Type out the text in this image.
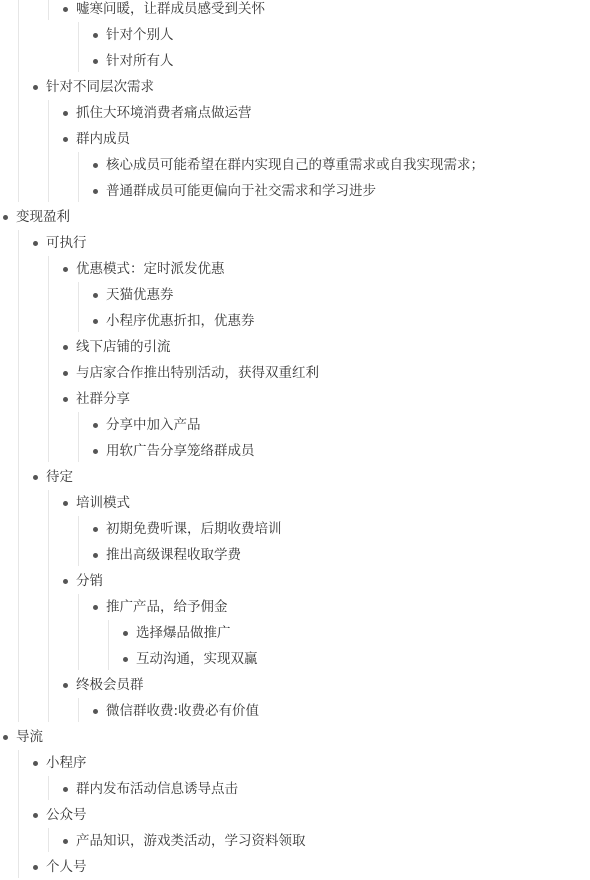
嘘寒问暖，让群成员感受到关怀
针对个别人
针对所有人
针对不同层次需求
抓住大环境消费者痛点做运营
群内成员
核心成员可能希望在群内实现自己的尊重需求或自我实现需求；
普通群成员可能更偏向于社交需求和学习进步
变现盈利
可执行
优惠模式：定时派发优惠
天猫优惠券
小程序优惠折扣，优惠券
线下店铺的引流
与店家合作推出特别活动，获得双重红利
社群分享
分享中加入产品
用软广告分享笼络群成员
待定
培训模式
初期免费听课，后期收费培训
推出高级课程收取学费
分销
推广产品，给予佣金
选择爆品做推广
互动沟通，实现双赢
终极会员群
微信群收费:收费必有价值
导流
小程序
群内发布活动信息诱导点击
公众号
产品知识，游戏类活动，学习资料领取
个人号
